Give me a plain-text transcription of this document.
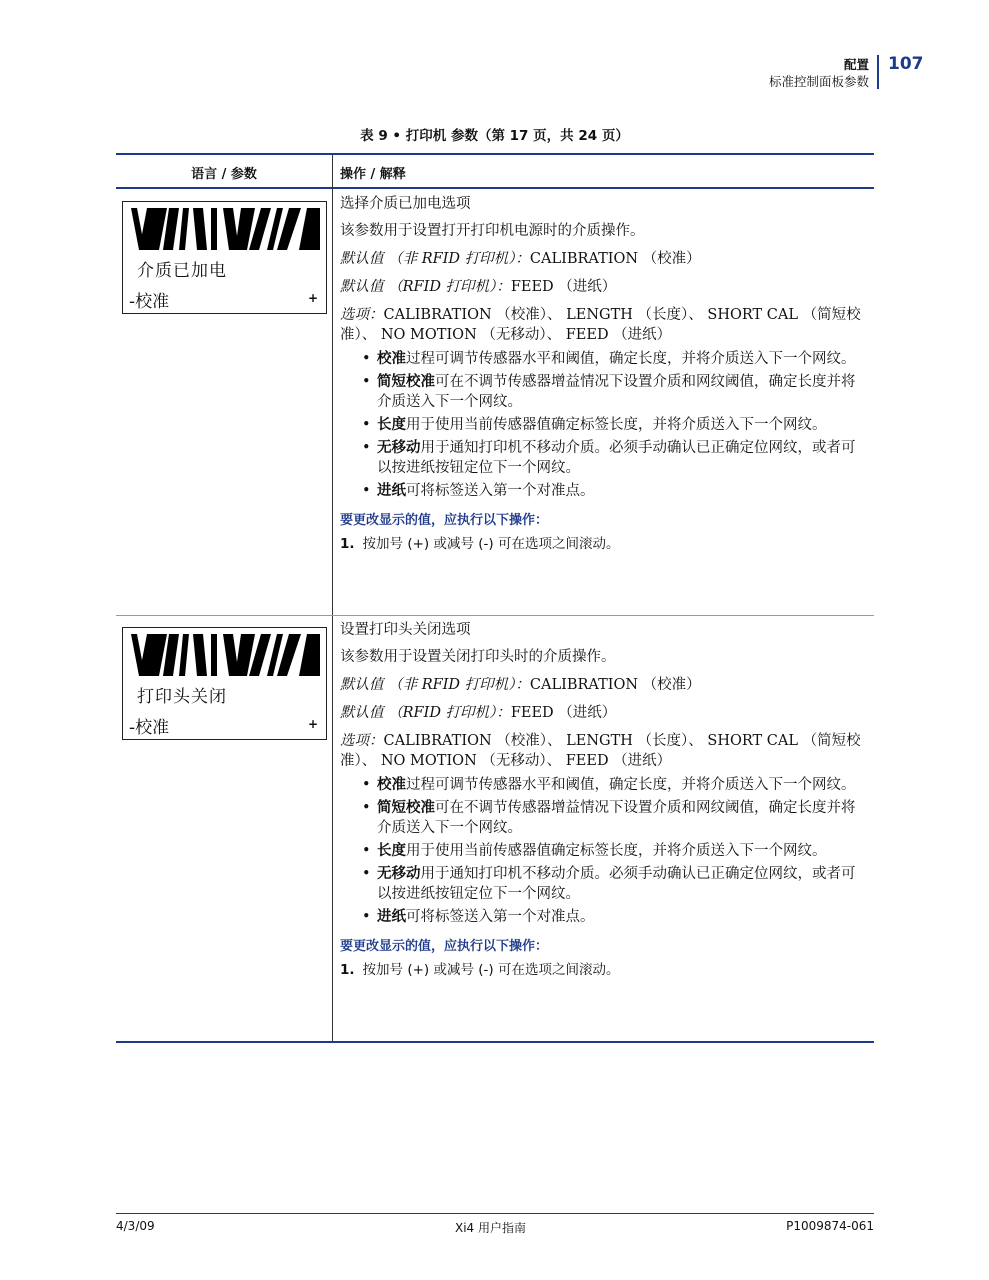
配置
标准控制面板参数
107
表 9 • 打印机 参数（第 17 页，共 24 页）
语言 / 参数	操作 / 解释
介质已加电
-校准	+
选择介质已加电选项

该参数用于设置打开打印机电源时的介质操作。

默认值 （非 RFID 打印机）：CALIBRATION （校准）

默认值 （RFID 打印机）：FEED （进纸）

选项：CALIBRATION （校准）、 LENGTH （长度）、 SHORT CAL （简短校准）、 NO MOTION （无移动）、 FEED （进纸）

• 校准过程可调节传感器水平和阈值，确定长度，并将介质送入下一个网纹。
• 简短校准可在不调节传感器增益情况下设置介质和网纹阈值，确定长度并将介质送入下一个网纹。
• 长度用于使用当前传感器值确定标签长度，并将介质送入下一个网纹。
• 无移动用于通知打印机不移动介质。必须手动确认已正确定位网纹，或者可以按进纸按钮定位下一个网纹。
• 进纸可将标签送入第一个对准点。
要更改显示的值，应执行以下操作：
1. 按加号 (+) 或减号 (-) 可在选项之间滚动。
打印头关闭
-校准	+
设置打印头关闭选项

该参数用于设置关闭打印头时的介质操作。

默认值 （非 RFID 打印机）：CALIBRATION （校准）

默认值 （RFID 打印机）：FEED （进纸）

选项：CALIBRATION （校准）、 LENGTH （长度）、 SHORT CAL （简短校准）、 NO MOTION （无移动）、 FEED （进纸）

• 校准过程可调节传感器水平和阈值，确定长度，并将介质送入下一个网纹。
• 简短校准可在不调节传感器增益情况下设置介质和网纹阈值，确定长度并将介质送入下一个网纹。
• 长度用于使用当前传感器值确定标签长度，并将介质送入下一个网纹。
• 无移动用于通知打印机不移动介质。必须手动确认已正确定位网纹，或者可以按进纸按钮定位下一个网纹。
• 进纸可将标签送入第一个对准点。
要更改显示的值，应执行以下操作：
1. 按加号 (+) 或减号 (-) 可在选项之间滚动。
4/3/09	Xi4 用户指南	P1009874-061
